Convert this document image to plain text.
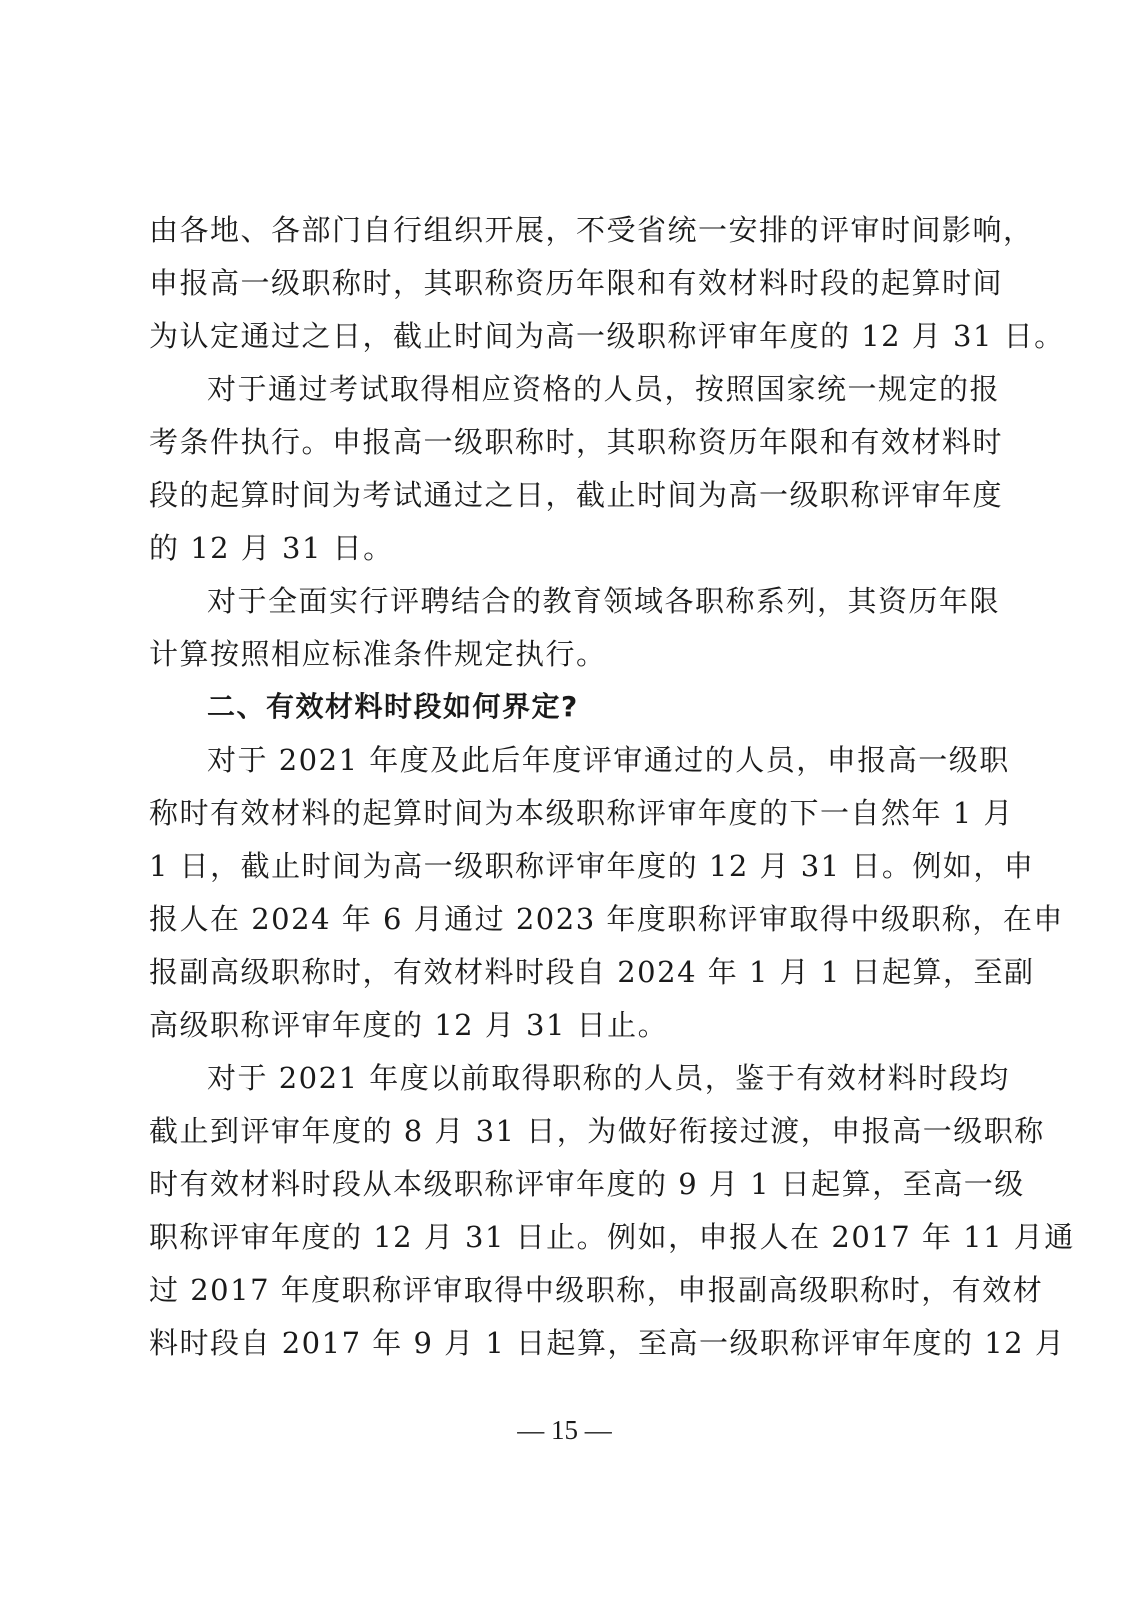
由各地、各部门自行组织开展，不受省统一安排的评审时间影响，
申报高一级职称时，其职称资历年限和有效材料时段的起算时间
为认定通过之日，截止时间为高一级职称评审年度的 12 月 31 日。
对于通过考试取得相应资格的人员，按照国家统一规定的报
考条件执行。申报高一级职称时，其职称资历年限和有效材料时
段的起算时间为考试通过之日，截止时间为高一级职称评审年度
的 12 月 31 日。
对于全面实行评聘结合的教育领域各职称系列，其资历年限
计算按照相应标准条件规定执行。
二、有效材料时段如何界定?
对于 2021 年度及此后年度评审通过的人员，申报高一级职
称时有效材料的起算时间为本级职称评审年度的下一自然年 1 月
1 日，截止时间为高一级职称评审年度的 12 月 31 日。例如，申
报人在 2024 年 6 月通过 2023 年度职称评审取得中级职称，在申
报副高级职称时，有效材料时段自 2024 年 1 月 1 日起算，至副
高级职称评审年度的 12 月 31 日止。
对于 2021 年度以前取得职称的人员，鉴于有效材料时段均
截止到评审年度的 8 月 31 日，为做好衔接过渡，申报高一级职称
时有效材料时段从本级职称评审年度的 9 月 1 日起算，至高一级
职称评审年度的 12 月 31 日止。例如，申报人在 2017 年 11 月通
过 2017 年度职称评审取得中级职称，申报副高级职称时，有效材
料时段自 2017 年 9 月 1 日起算，至高一级职称评审年度的 12 月
— 15 —
